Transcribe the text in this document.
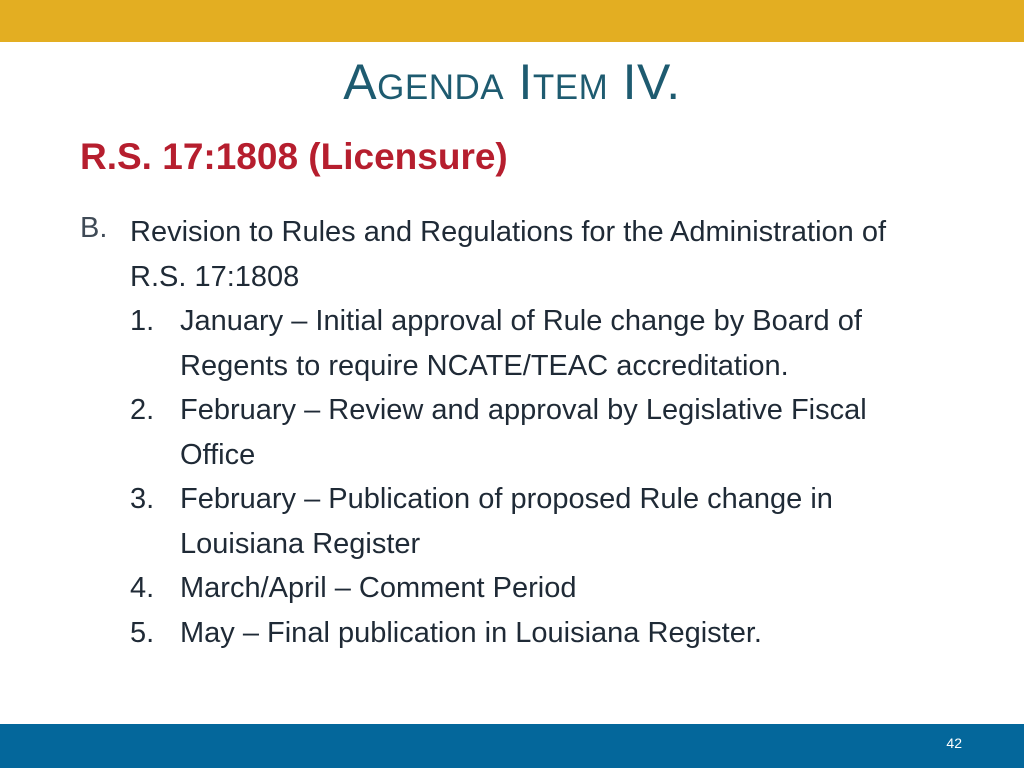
Agenda Item IV.
R.S. 17:1808 (Licensure)
B. Revision to Rules and Regulations for the Administration of R.S. 17:1808
1. January – Initial approval of Rule change by Board of Regents to require NCATE/TEAC accreditation.
2. February – Review and approval by Legislative Fiscal Office
3. February – Publication of proposed Rule change in Louisiana Register
4. March/April – Comment Period
5. May – Final publication in Louisiana Register.
42
